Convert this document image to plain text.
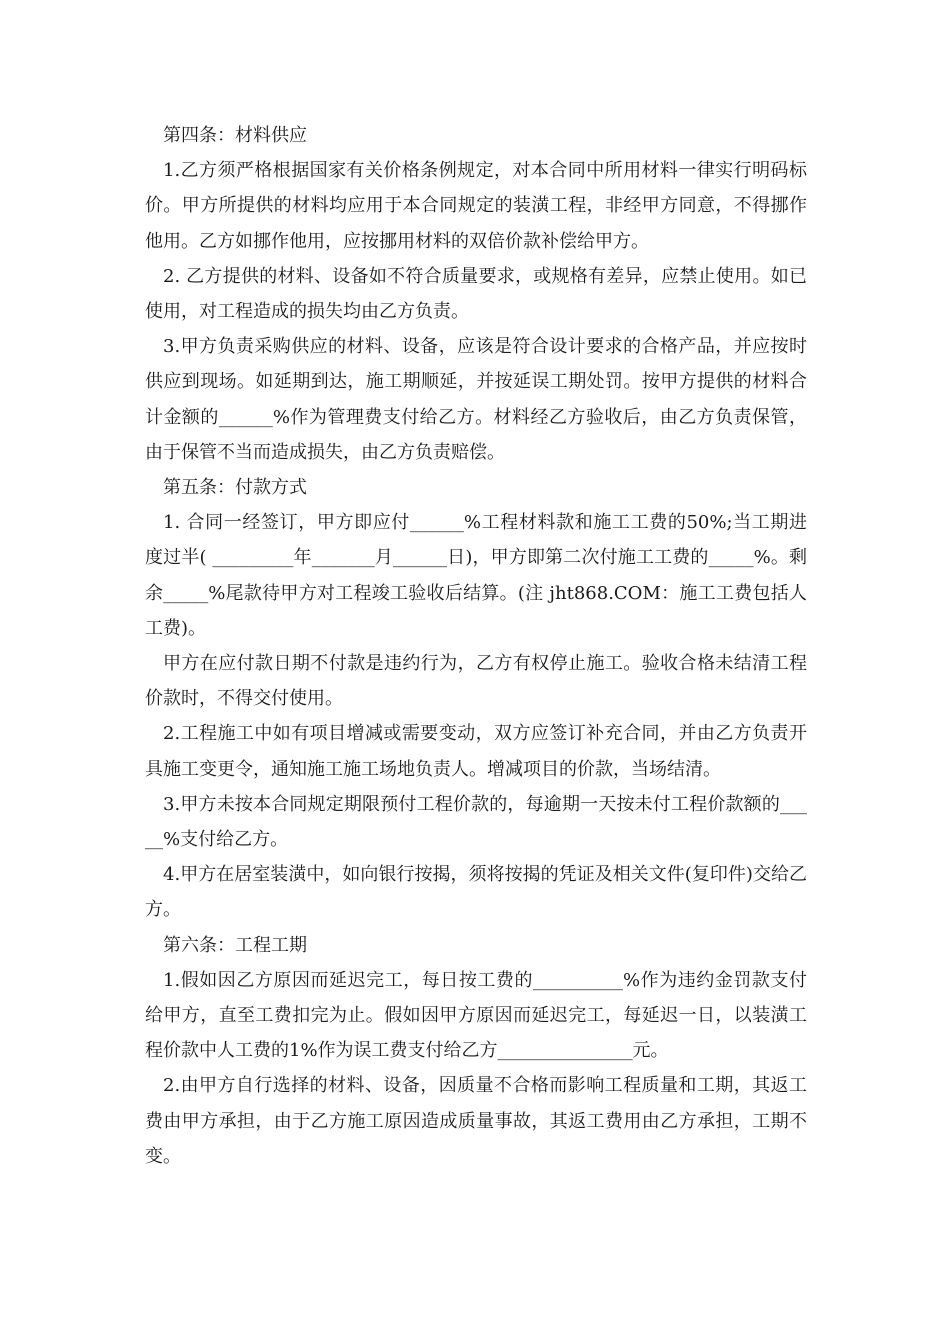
第四条：材料供应

1.乙方须严格根据国家有关价格条例规定，对本合同中所用材料一律实行明码标价。甲方所提供的材料均应用于本合同规定的装潢工程，非经甲方同意，不得挪作他用。乙方如挪作他用，应按挪用材料的双倍价款补偿给甲方。

2. 乙方提供的材料、设备如不符合质量要求，或规格有差异，应禁止使用。如已使用，对工程造成的损失均由乙方负责。

3.甲方负责采购供应的材料、设备，应该是符合设计要求的合格产品，并应按时供应到现场。如延期到达，施工期顺延，并按延误工期处罚。按甲方提供的材料合计金额的______%作为管理费支付给乙方。材料经乙方验收后，由乙方负责保管，由于保管不当而造成损失，由乙方负责赔偿。

第五条：付款方式

1. 合同一经签订，甲方即应付______%工程材料款和施工工费的50%;当工期进度过半( _________年_______月______日)，甲方即第二次付施工工费的_____%。剩余_____%尾款待甲方对工程竣工验收后结算。(注 jht868.COM：施工工费包括人工费)。

甲方在应付款日期不付款是违约行为，乙方有权停止施工。验收合格未结清工程价款时，不得交付使用。

2.工程施工中如有项目增减或需要变动，双方应签订补充合同，并由乙方负责开具施工变更令，通知施工施工场地负责人。增减项目的价款，当场结清。

3.甲方未按本合同规定期限预付工程价款的，每逾期一天按未付工程价款额的_____%支付给乙方。

4.甲方在居室装潢中，如向银行按揭，须将按揭的凭证及相关文件(复印件)交给乙方。

第六条：工程工期

1.假如因乙方原因而延迟完工，每日按工费的__________%作为违约金罚款支付给甲方，直至工费扣完为止。假如因甲方原因而延迟完工，每延迟一日，以装潢工程价款中人工费的1%作为误工费支付给乙方_______________元。

2.由甲方自行选择的材料、设备，因质量不合格而影响工程质量和工期，其返工费由甲方承担，由于乙方施工原因造成质量事故，其返工费用由乙方承担，工期不变。
